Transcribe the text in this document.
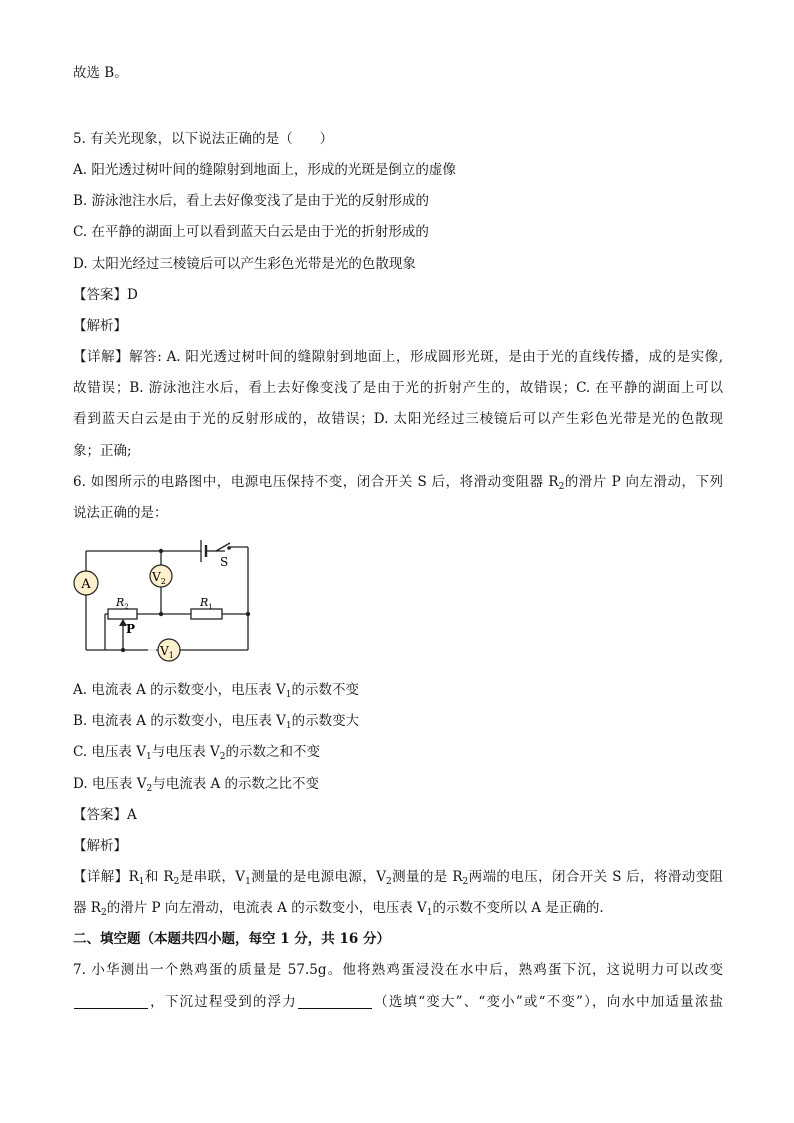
故选 B。
5. 有关光现象，以下说法正确的是（　　）
A. 阳光透过树叶间的缝隙射到地面上，形成的光斑是倒立的虚像
B. 游泳池注水后，看上去好像变浅了是由于光的反射形成的
C. 在平静的湖面上可以看到蓝天白云是由于光的折射形成的
D. 太阳光经过三棱镜后可以产生彩色光带是光的色散现象
【答案】D
【解析】
【详解】解答: A. 阳光透过树叶间的缝隙射到地面上，形成圆形光斑，是由于光的直线传播，成的是实像,
故错误；B. 游泳池注水后，看上去好像变浅了是由于光的折射产生的，故错误；C. 在平静的湖面上可以
看到蓝天白云是由于光的反射形成的，故错误；D. 太阳光经过三棱镜后可以产生彩色光带是光的色散现
象；正确;
6. 如图所示的电路图中，电源电压保持不变，闭合开关 S 后，将滑动变阻器 $R_2$的滑片 P 向左滑动，下列
说法正确的是：
A	$V_2$
$V_1$
$R_2$	$R_1$
P
S
A. 电流表 A 的示数变小，电压表 $V_1$的示数不变
B. 电流表 A 的示数变小，电压表 $V_1$的示数变大
C. 电压表 $V_1$与电压表 $V_2$的示数之和不变
D. 电压表 $V_2$与电流表 A 的示数之比不变
【答案】A
【解析】
【详解】$R_1$和 $R_2$是串联，$V_1$测量的是电源电源，$V_2$测量的是 $R_2$两端的电压，闭合开关 S 后，将滑动变阻
器 $R_2$的滑片 P 向左滑动，电流表 A 的示数变小，电压表 $V_1$的示数不变所以 A 是正确的.
二、填空题（本题共四小题，每空 1 分，共 16 分）
7. 小华测出一个熟鸡蛋的质量是 57.5g。他将熟鸡蛋浸没在水中后，熟鸡蛋下沉，这说明力可以改变
，下沉过程受到的浮力	（选填“变大”、“变小”或“不变”），向水中加适量浓盐
